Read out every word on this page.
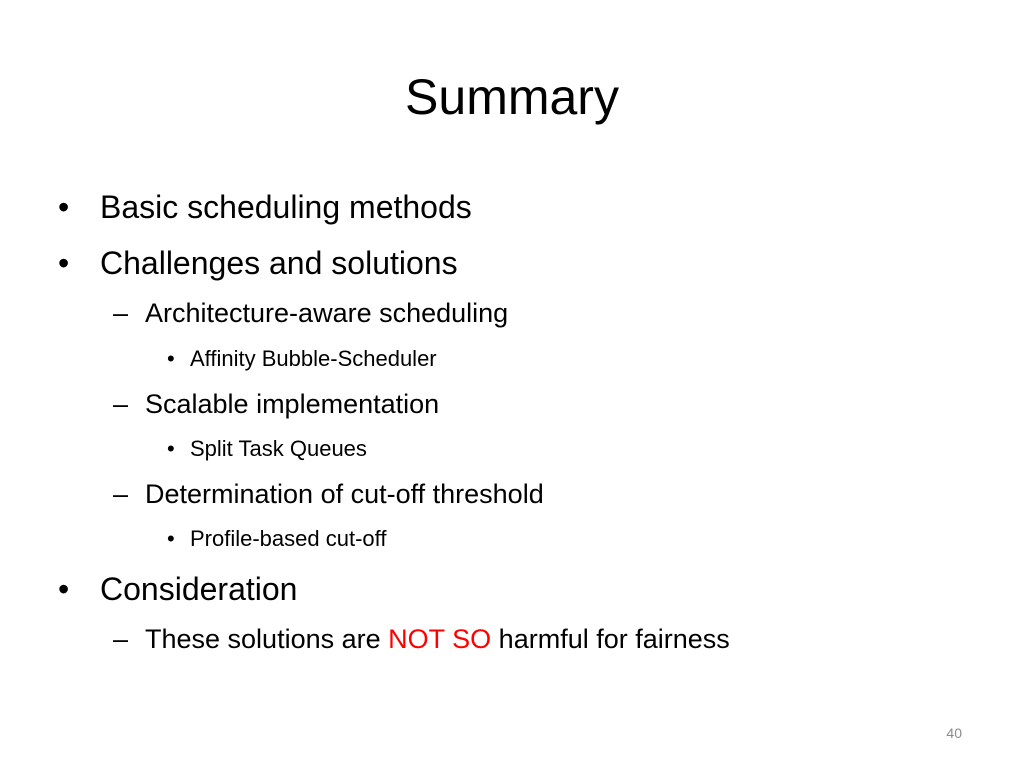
Summary
• Basic scheduling methods
• Challenges and solutions
– Architecture-aware scheduling
• Affinity Bubble-Scheduler
– Scalable implementation
• Split Task Queues
– Determination of cut-off threshold
• Profile-based cut-off
• Consideration
– These solutions are NOT SO harmful for fairness
40
